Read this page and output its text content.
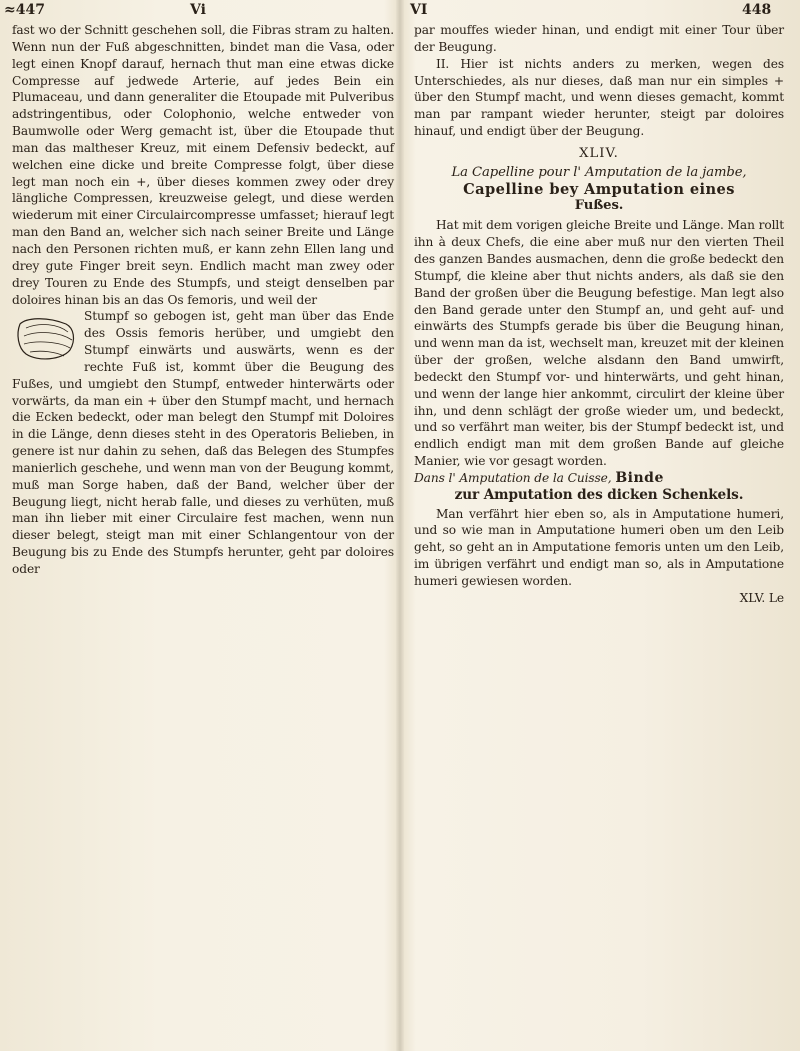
≈447	Vi

fast wo der Schnitt geschehen soll, die Fibras stram zu halten. Wenn nun der Fuß abgeschnitten, bindet man die Vasa, oder legt einen Knopf darauf, hernach thut man eine etwas dicke Compresse auf jedwede Arterie, auf jedes Bein ein Plumaceau, und dann generaliter die Etoupade mit Pulveribus adstringentibus, oder Colophonio, welche entweder von Baumwolle oder Werg gemacht ist, über die Etoupade thut man das maltheser Kreuz, mit einem Defensiv bedeckt, auf welchen eine dicke und breite Compresse folgt, über diese legt man noch ein +, über dieses kommen zwey oder drey längliche Compressen, kreuzweise gelegt, und diese werden wiederum mit einer Circulaircompresse umfasset; hierauf legt man den Band an, welcher sich nach seiner Breite und Länge nach den Personen richten muß, er kann zehn Ellen lang und drey gute Finger breit seyn. Endlich macht man zwey oder drey Touren zu Ende des Stumpfs, und steigt denselben par doloires hinan bis an das Os femoris, und weil der

Stumpf so gebogen ist, geht man über das Ende des Ossis femoris herüber, und umgiebt den Stumpf einwärts und auswärts, wenn es der rechte Fuß ist, kommt über die Beugung des Fußes, und umgiebt den Stumpf, entweder hinterwärts oder vorwärts, da man ein + über den Stumpf macht, und hernach die Ecken bedeckt, oder man belegt den Stumpf mit Doloires in die Länge, denn dieses steht in des Operatoris Belieben, in genere ist nur dahin zu sehen, daß das Belegen des Stumpfes manierlich geschehe, und wenn man von der Beugung kommt, muß man Sorge haben, daß der Band, welcher über der Beugung liegt, nicht herab falle, und dieses zu verhüten, muß man ihn lieber mit einer Circulaire fest machen, wenn nun dieser belegt, steigt man mit einer Schlangentour von der Beugung bis zu Ende des Stumpfs herunter, geht par doloires oder

VI	448

par mouffes wieder hinan, und endigt mit einer Tour über der Beugung.

II. Hier ist nichts anders zu merken, wegen des Unterschiedes, als nur dieses, daß man nur ein simples + über den Stumpf macht, und wenn dieses gemacht, kommt man par rampant wieder herunter, steigt par doloires hinauf, und endigt über der Beugung.

XLIV.

La Capelline pour l' Amputation de la jambe,

Capelline bey Amputation eines

Fußes.

Hat mit dem vorigen gleiche Breite und Länge. Man rollt ihn à deux Chefs, die eine aber muß nur den vierten Theil des ganzen Bandes ausmachen, denn die große bedeckt den Stumpf, die kleine aber thut nichts anders, als daß sie den Band der großen über die Beugung befestige. Man legt also den Band gerade unter den Stumpf an, und geht auf- und einwärts des Stumpfs gerade bis über die Beugung hinan, und wenn man da ist, wechselt man, kreuzet mit der kleinen über der großen, welche alsdann den Band umwirft, bedeckt den Stumpf vor- und hinterwärts, und geht hinan, und wenn der lange hier ankommt, circulirt der kleine über ihn, und denn schlägt der große wieder um, und bedeckt, und so verfährt man weiter, bis der Stumpf bedeckt ist, und endlich endigt man mit dem großen Bande auf gleiche Manier, wie vor gesagt worden.

Dans l' Amputation de la Cuisse, Binde

zur Amputation des dicken Schenkels.

Man verfährt hier eben so, als in Amputatione humeri, und so wie man in Amputatione humeri oben um den Leib geht, so geht an in Amputatione femoris unten um den Leib, im übrigen verfährt und endigt man so, als in Amputatione humeri gewiesen worden.

XLV. Le
